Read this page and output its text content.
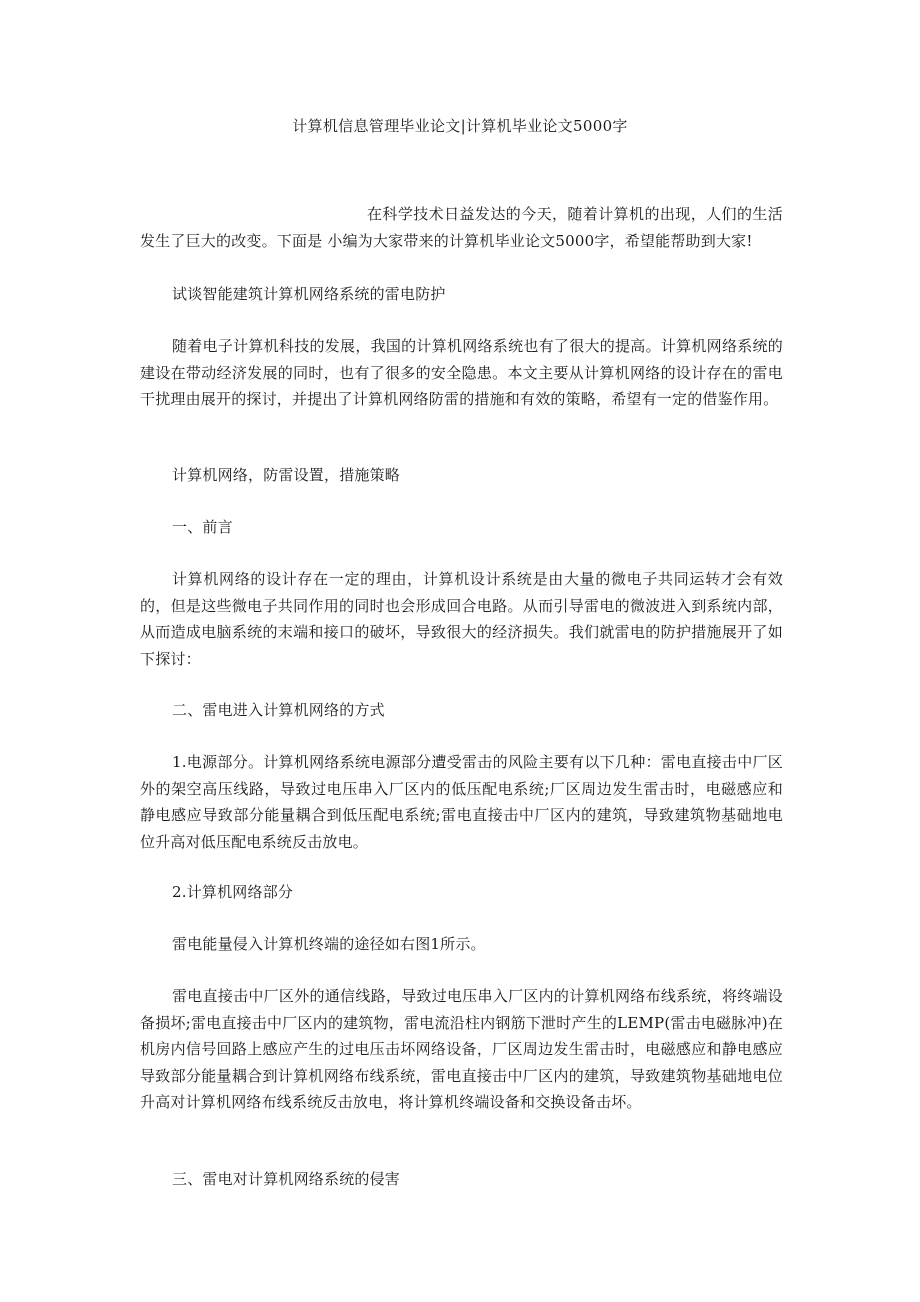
计算机信息管理毕业论文|计算机毕业论文5000字

在科学技术日益发达的今天，随着计算机的出现，人们的生活发生了巨大的改变。下面是 小编为大家带来的计算机毕业论文5000字，希望能帮助到大家!

试谈智能建筑计算机网络系统的雷电防护

随着电子计算机科技的发展，我国的计算机网络系统也有了很大的提高。计算机网络系统的建设在带动经济发展的同时，也有了很多的安全隐患。本文主要从计算机网络的设计存在的雷电干扰理由展开的探讨，并提出了计算机网络防雷的措施和有效的策略，希望有一定的借鉴作用。

计算机网络，防雷设置，措施策略

一、前言

计算机网络的设计存在一定的理由，计算机设计系统是由大量的微电子共同运转才会有效的，但是这些微电子共同作用的同时也会形成回合电路。从而引导雷电的微波进入到系统内部，从而造成电脑系统的末端和接口的破坏，导致很大的经济损失。我们就雷电的防护措施展开了如下探讨：

二、雷电进入计算机网络的方式

1.电源部分。计算机网络系统电源部分遭受雷击的风险主要有以下几种：雷电直接击中厂区外的架空高压线路，导致过电压串入厂区内的低压配电系统;厂区周边发生雷击时，电磁感应和静电感应导致部分能量耦合到低压配电系统;雷电直接击中厂区内的建筑，导致建筑物基础地电位升高对低压配电系统反击放电。

2.计算机网络部分

雷电能量侵入计算机终端的途径如右图1所示。

雷电直接击中厂区外的通信线路，导致过电压串入厂区内的计算机网络布线系统，将终端设备损坏;雷电直接击中厂区内的建筑物，雷电流沿柱内钢筋下泄时产生的LEMP(雷击电磁脉冲)在机房内信号回路上感应产生的过电压击坏网络设备，厂区周边发生雷击时，电磁感应和静电感应导致部分能量耦合到计算机网络布线系统，雷电直接击中厂区内的建筑，导致建筑物基础地电位升高对计算机网络布线系统反击放电，将计算机终端设备和交换设备击坏。

三、雷电对计算机网络系统的侵害
